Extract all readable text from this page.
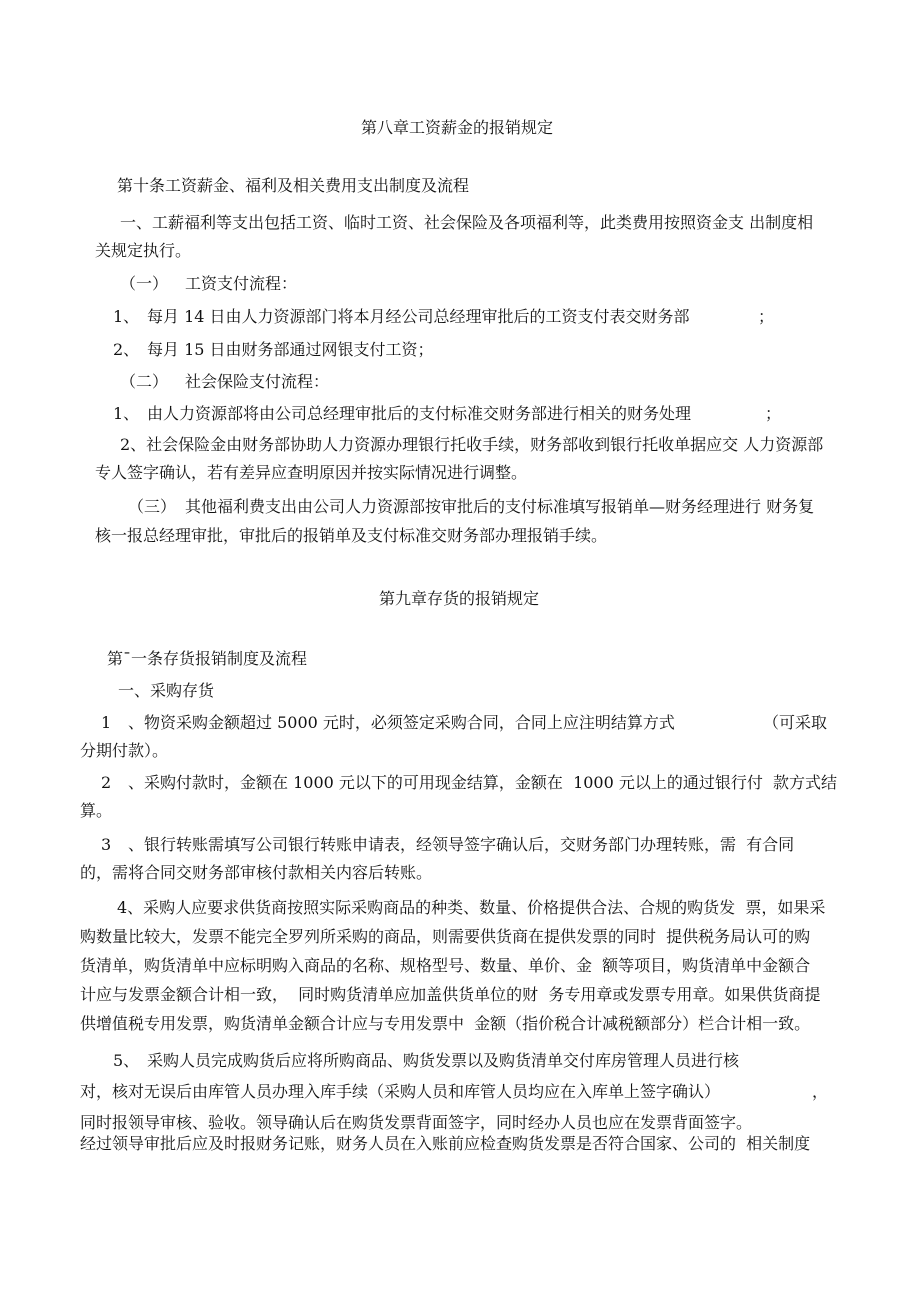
第八章工资薪金的报销规定
第十条工资薪金、福利及相关费用支出制度及流程
一、工薪福利等支出包括工资、临时工资、社会保险及各项福利等，此类费用按照资金支 出制度相
关规定执行。
（一） 工资支付流程：
1、 每月 14 日由人力资源部门将本月经公司总经理审批后的工资支付表交财务部	；
2、 每月 15 日由财务部通过网银支付工资；
（二） 社会保险支付流程：
1、 由人力资源部将由公司总经理审批后的支付标准交财务部进行相关的财务处理	；
2、社会保险金由财务部协助人力资源办理银行托收手续，财务部收到银行托收单据应交 人力资源部
专人签字确认，若有差异应查明原因并按实际情况进行调整。
（三） 其他福利费支出由公司人力资源部按审批后的支付标准填写报销单—财务经理进行 财务复
核一报总经理审批，审批后的报销单及支付标准交财务部办理报销手续。
第九章存货的报销规定
第ˉ一条存货报销制度及流程
一、采购存货
1 、物资采购金额超过 5000 元时，必须签定采购合同，合同上应注明结算方式	（可采取
分期付款）。
2 、采购付款时，金额在 1000 元以下的可用现金结算，金额在  1000 元以上的通过银行付  款方式结
算。
3 、银行转账需填写公司银行转账申请表，经领导签字确认后，交财务部门办理转账，需  有合同
的，需将合同交财务部审核付款相关内容后转账。
4、采购人应要求供货商按照实际采购商品的种类、数量、价格提供合法、合规的购货发  票，如果采
购数量比较大，发票不能完全罗列所采购的商品，则需要供货商在提供发票的同时  提供税务局认可的购
货清单，购货清单中应标明购入商品的名称、规格型号、数量、单价、金  额等项目，购货清单中金额合
计应与发票金额合计相一致，  同时购货清单应加盖供货单位的财  务专用章或发票专用章。如果供货商提
供增值税专用发票，购货清单金额合计应与专用发票中  金额（指价税合计减税额部分）栏合计相一致。
5、 采购人员完成购货后应将所购商品、购货发票以及购货清单交付库房管理人员进行核
对，核对无误后由库管人员办理入库手续（采购人员和库管人员均应在入库单上签字确认）	，
同时报领导审核、验收。领导确认后在购货发票背面签字，同时经办人员也应在发票背面签字。
经过领导审批后应及时报财务记账，财务人员在入账前应检查购货发票是否符合国家、公司的  相关制度
